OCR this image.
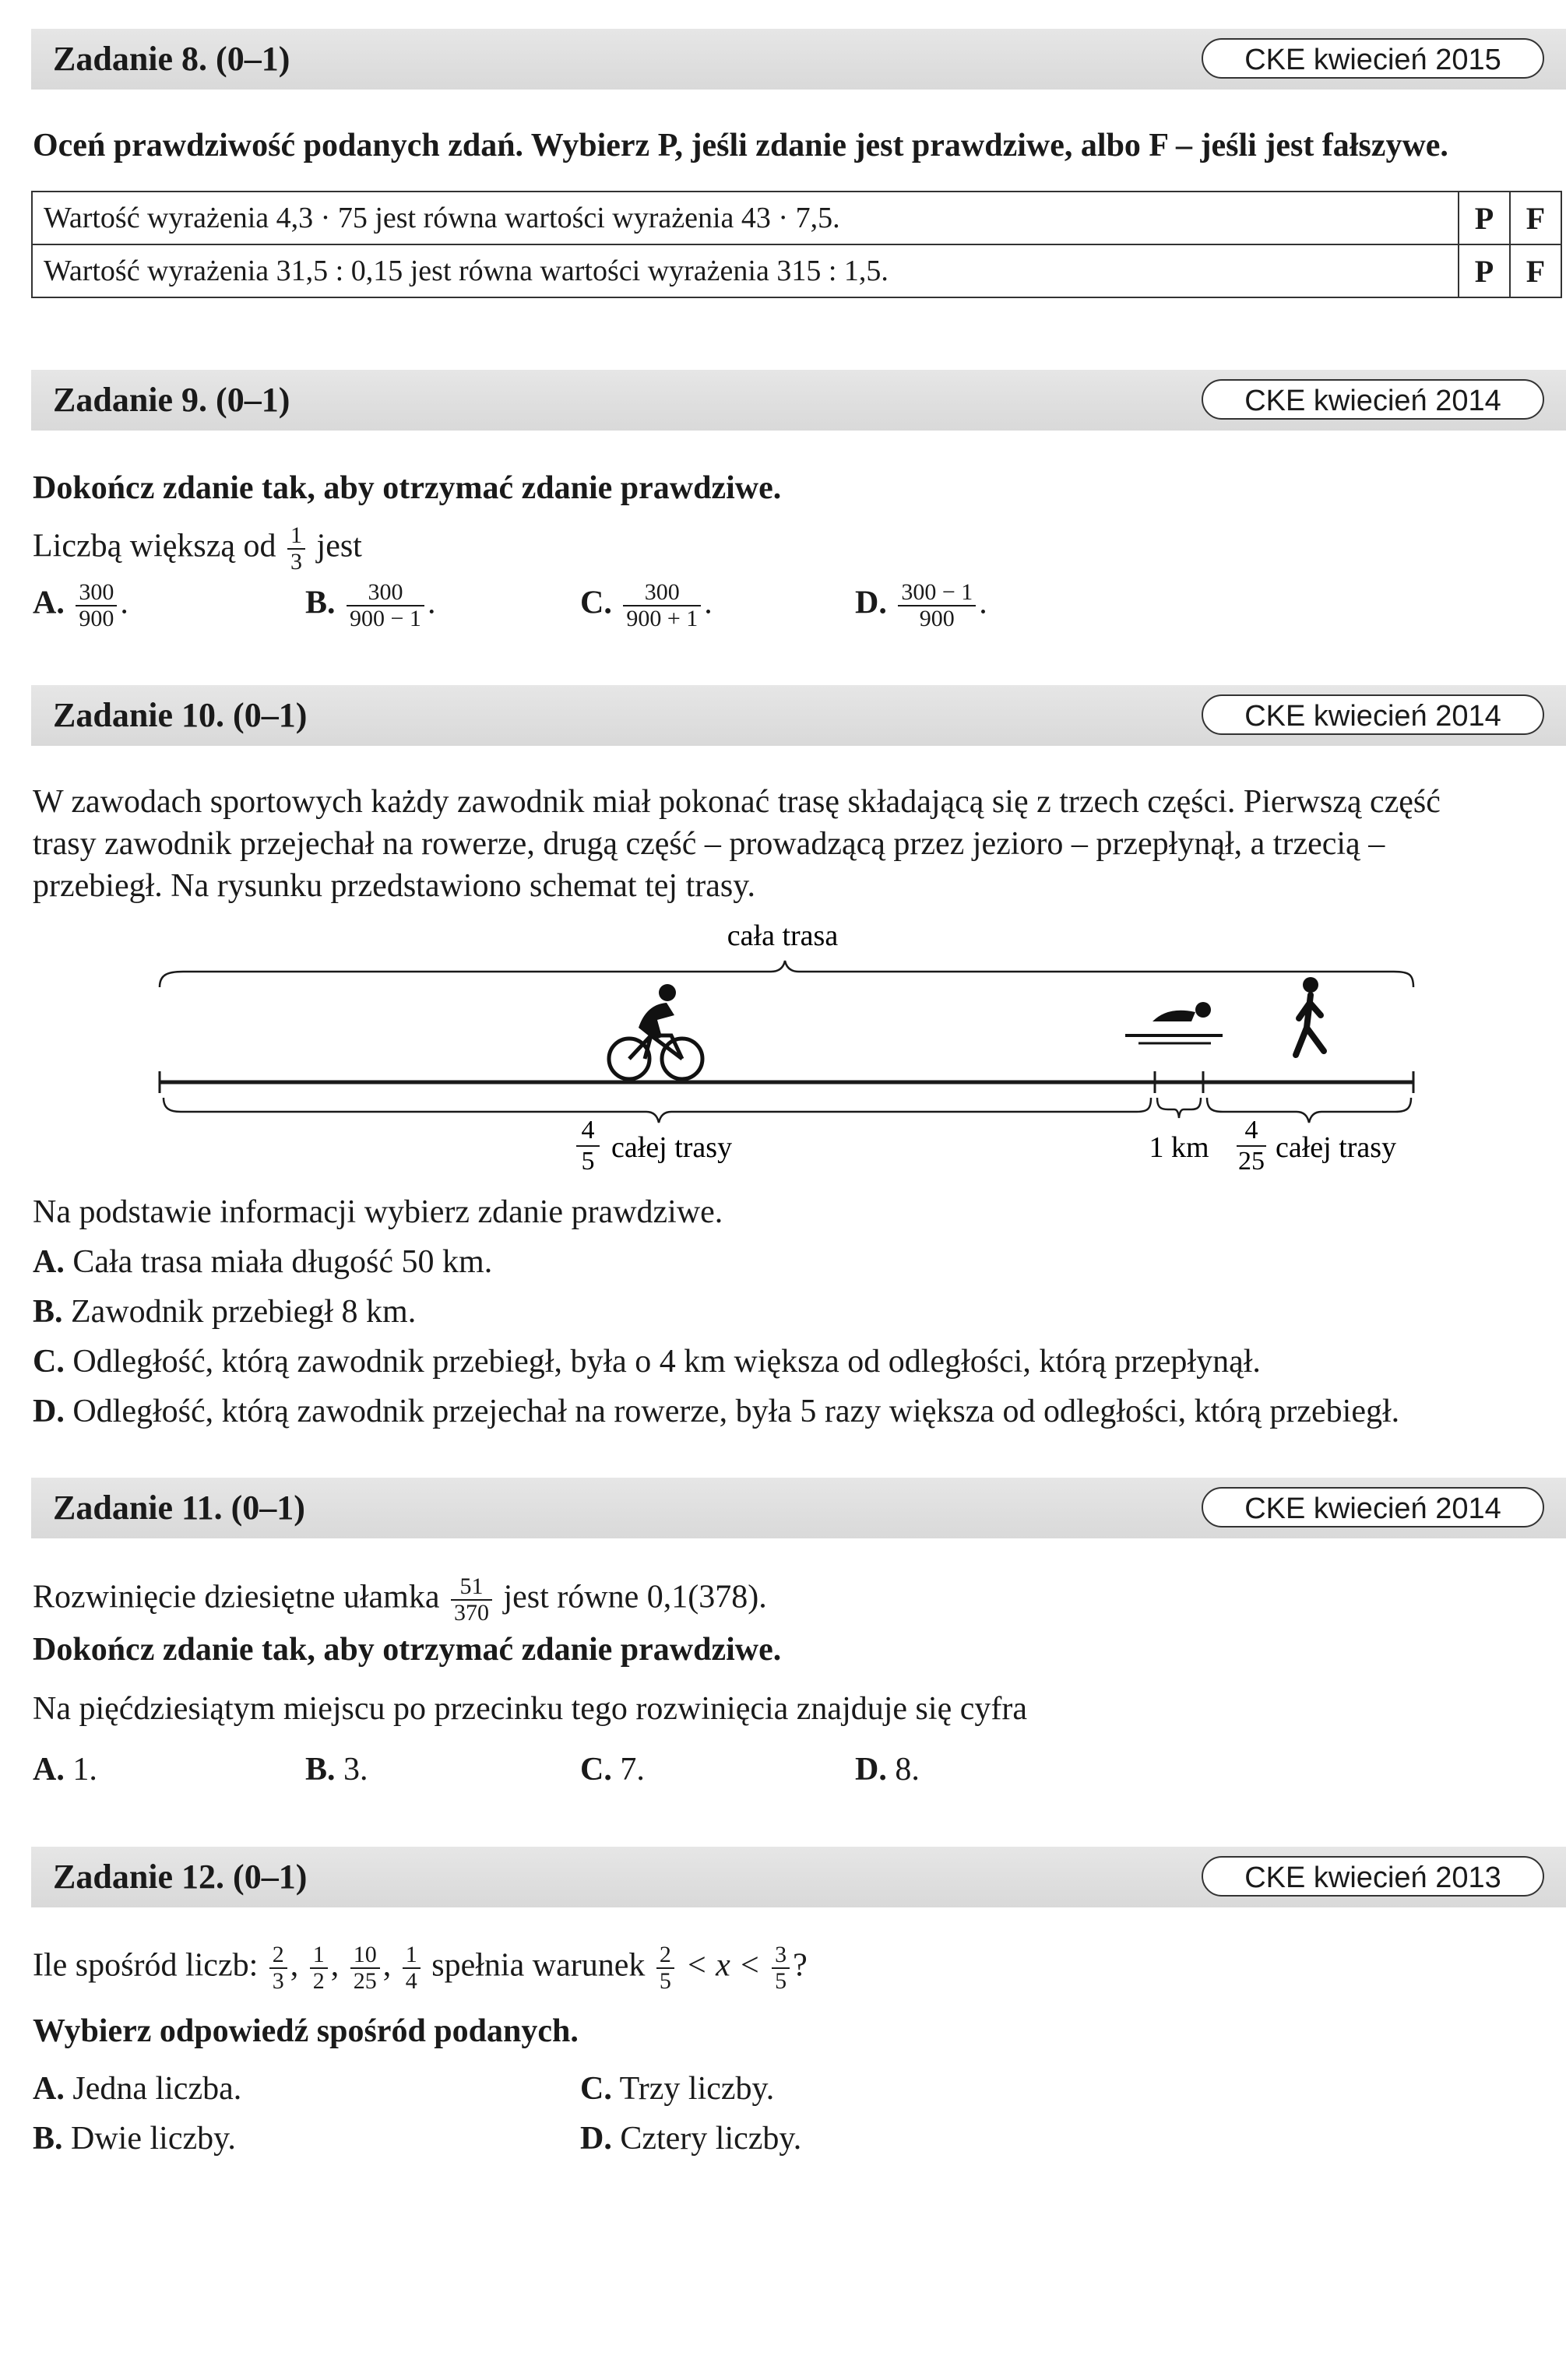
Zadanie 8. (0–1)	CKE kwiecień 2015
Oceń prawdziwość podanych zdań. Wybierz P, jeśli zdanie jest prawdziwe, albo F – jeśli jest fałszywe.
Wartość wyrażenia 4,3 · 75 jest równa wartości wyrażenia 43 · 7,5.	P	F
Wartość wyrażenia 31,5 : 0,15 jest równa wartości wyrażenia 315 : 1,5.	P	F
Zadanie 9. (0–1)	CKE kwiecień 2014
Dokończ zdanie tak, aby otrzymać zdanie prawdziwe.
Liczbą większą od $\frac{1}{3}$ jest
A. $\frac{300}{900}$ .	B. $\frac{300}{900 - 1}$ .	C. $\frac{300}{900 + 1}$ .	D. $\frac{300 - 1}{900}$ .
Zadanie 10. (0–1)	CKE kwiecień 2014
W zawodach sportowych każdy zawodnik miał pokonać trasę składającą się z trzech części. Pierwszą część
trasy zawodnik przejechał na rowerze, drugą część – prowadzącą przez jezioro – przepłynął, a trzecią –
przebiegł. Na rysunku przedstawiono schemat tej trasy.
cała trasa
4
5 całej trasy	1 km
4
25 całej trasy
Na podstawie informacji wybierz zdanie prawdziwe.
A. Cała trasa miała długość 50 km.
B. Zawodnik przebiegł 8 km.
C. Odległość, którą zawodnik przebiegł, była o 4 km większa od odległości, którą przepłynął.
D. Odległość, którą zawodnik przejechał na rowerze, była 5 razy większa od odległości, którą przebiegł.
Zadanie 11. (0–1)	CKE kwiecień 2014
Rozwinięcie dziesiętne ułamka $\frac{51}{370}$ jest równe 0,1(378).
Dokończ zdanie tak, aby otrzymać zdanie prawdziwe.
Na pięćdziesiątym miejscu po przecinku tego rozwinięcia znajduje się cyfra
A. 1.	B. 3.	C. 7.	D. 8.
Zadanie 12. (0–1)	CKE kwiecień 2013
Ile spośród liczb: $\frac{2}{3}$ , $\frac{1}{2}$ , $\frac{10}{25}$ , $\frac{1}{4}$ spełnia warunek $\frac{2}{5} < x < \frac{3}{5}$ ?
Wybierz odpowiedź spośród podanych.
A. Jedna liczba.
B. Dwie liczby.
C. Trzy liczby.
D. Cztery liczby.
